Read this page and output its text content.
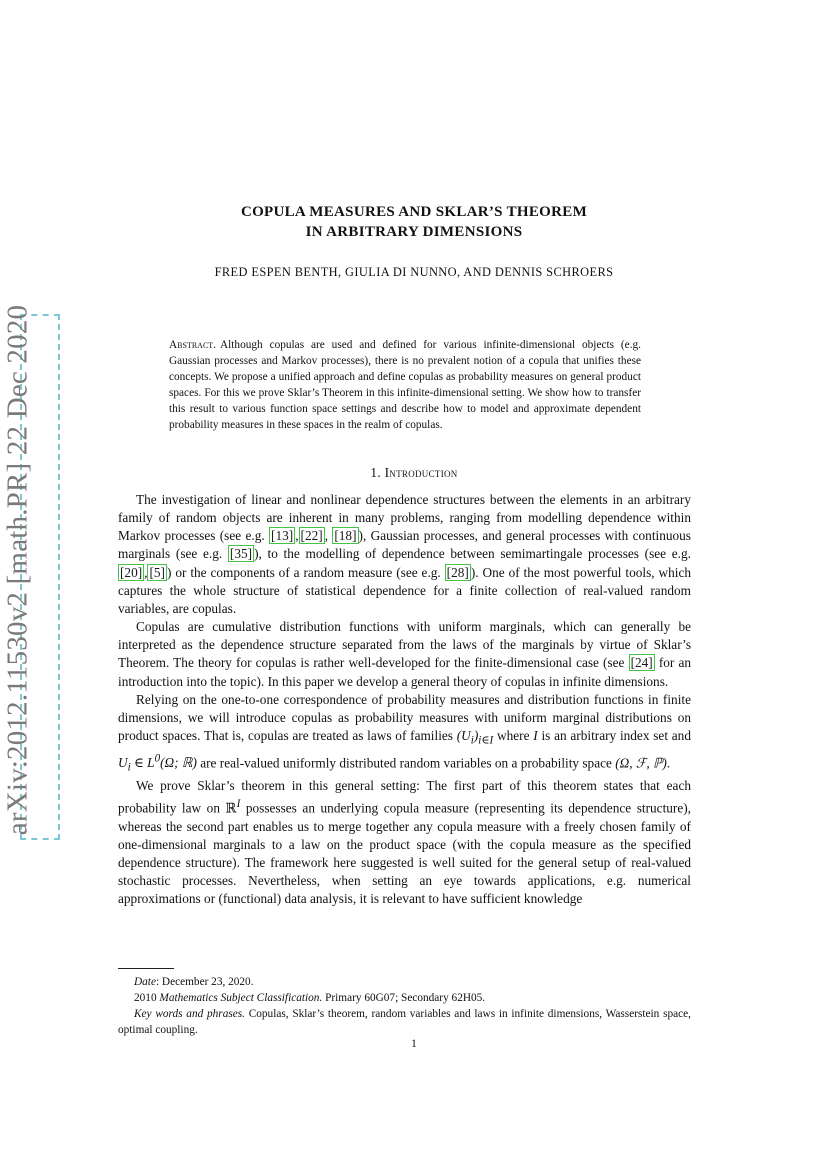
arXiv:2012.11530v2 [math.PR] 22 Dec 2020
COPULA MEASURES AND SKLAR’S THEOREM
IN ARBITRARY DIMENSIONS
FRED ESPEN BENTH, GIULIA DI NUNNO, AND DENNIS SCHROERS

Abstract. Although copulas are used and defined for various infinite-dimensional objects (e.g. Gaussian processes and Markov processes), there is no prevalent notion of a copula that unifies these concepts. We propose a unified approach and define copulas as probability measures on general product spaces. For this we prove Sklar’s Theorem in this infinite-dimensional setting. We show how to transfer this result to various function space settings and describe how to model and approximate dependent probability measures in these spaces in the realm of copulas.

1. Introduction

The investigation of linear and nonlinear dependence structures between the elements in an arbitrary family of random objects are inherent in many problems, ranging from modelling dependence within Markov processes (see e.g. [13] , [22] , [18] ), Gaussian processes, and general processes with continuous marginals (see e.g. [35] ), to the modelling of dependence between semimartingale processes (see e.g. [20] , [5] ) or the components of a random measure (see e.g. [28] ). One of the most powerful tools, which captures the whole structure of statistical dependence for a finite collection of real-valued random variables, are copulas.

Copulas are cumulative distribution functions with uniform marginals, which can generally be interpreted as the dependence structure separated from the laws of the marginals by virtue of Sklar’s Theorem. The theory for copulas is rather well-developed for the finite-dimensional case (see [24] for an introduction into the topic). In this paper we develop a general theory of copulas in infinite dimensions.

Relying on the one-to-one correspondence of probability measures and distribution functions in finite dimensions, we will introduce copulas as probability measures with uniform marginal distributions on product spaces. That is, copulas are treated as laws of families $(U_i)_{i\in I}$ where I is an arbitrary index set and $U_i$ ∈ $L^0(\Omega$; ℝ) are real-valued uniformly distributed random variables on a probability space (Ω, ℱ, ℙ).

We prove Sklar’s theorem in this general setting: The first part of this theorem states that each probability law on ℝ$^I$ possesses an underlying copula measure (representing its dependence structure), whereas the second part enables us to merge together any copula measure with a freely chosen family of one-dimensional marginals to a law on the product space (with the copula measure as the specified dependence structure). The framework here suggested is well suited for the general setup of real-valued stochastic processes. Nevertheless, when setting an eye towards applications, e.g. numerical approximations or (functional) data analysis, it is relevant to have sufficient knowledge

Date: December 23, 2020.

2010 Mathematics Subject Classification. Primary 60G07; Secondary 62H05.

Key words and phrases. Copulas, Sklar’s theorem, random variables and laws in infinite dimensions, Wasserstein space, optimal coupling.

1
